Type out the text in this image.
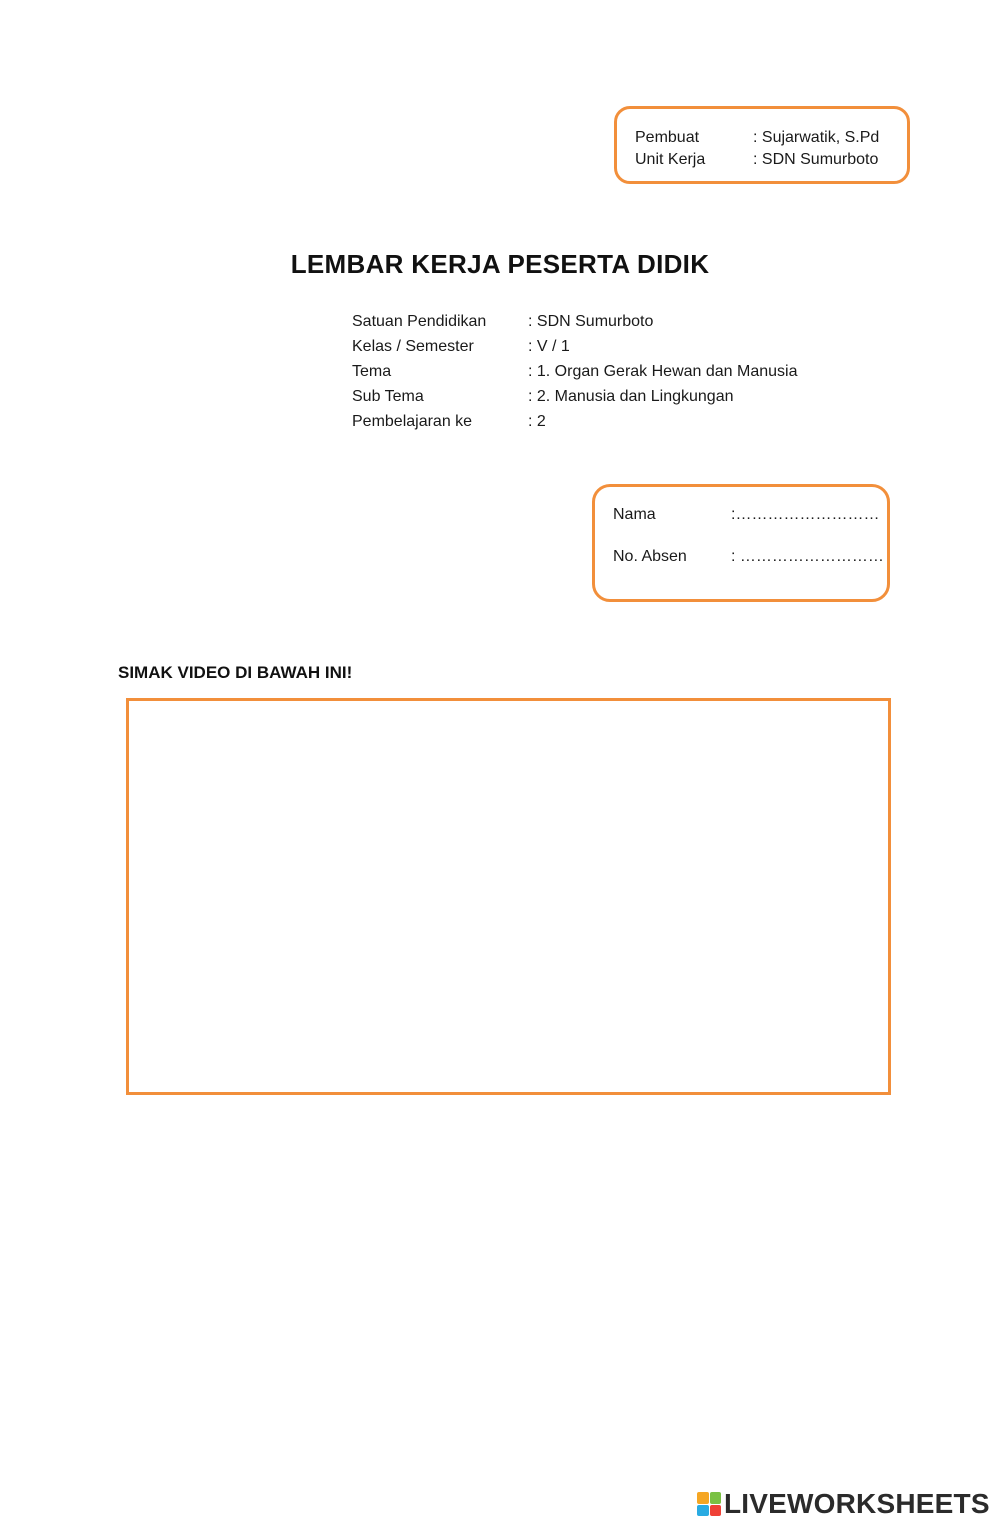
Pembuat	: Sujarwatik, S.Pd
Unit Kerja	: SDN Sumurboto
LEMBAR KERJA PESERTA DIDIK
Satuan Pendidikan	: SDN Sumurboto
Kelas / Semester	: V / 1
Tema	: 1. Organ Gerak Hewan dan Manusia
Sub Tema	: 2. Manusia dan Lingkungan
Pembelajaran ke	: 2
Nama	:………………………
No. Absen	: ………………………
SIMAK VIDEO DI BAWAH INI!
LIVEWORKSHEETS
